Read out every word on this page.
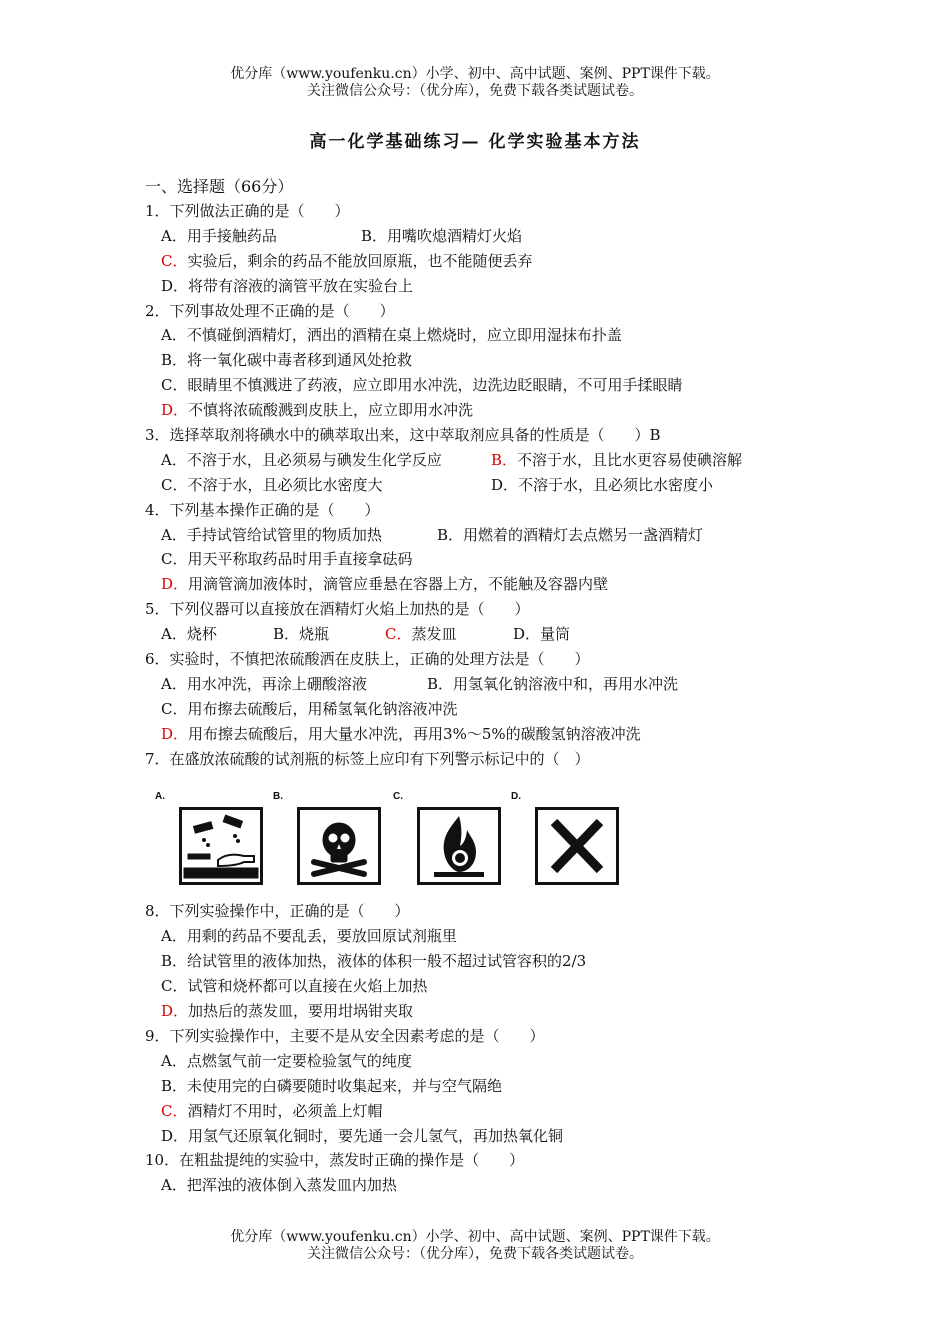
优分库（www.youfenku.cn）小学、初中、高中试题、案例、PPT课件下载。
关注微信公众号：（优分库），免费下载各类试题试卷。
高一化学基础练习— 化学实验基本方法
一、选择题（66分）
1．下列做法正确的是（　　）
A．用手接触药品	B．用嘴吹熄酒精灯火焰
C．实验后，剩余的药品不能放回原瓶，也不能随便丢弃
D．将带有溶液的滴管平放在实验台上
2．下列事故处理不正确的是（　　）
A．不慎碰倒酒精灯，洒出的酒精在桌上燃烧时，应立即用湿抹布扑盖
B．将一氧化碳中毒者移到通风处抢救
C．眼睛里不慎溅进了药液，应立即用水冲洗，边洗边眨眼睛，不可用手揉眼睛
D．不慎将浓硫酸溅到皮肤上，应立即用水冲洗
3．选择萃取剂将碘水中的碘萃取出来，这中萃取剂应具备的性质是（　　）B
A．不溶于水，且必须易与碘发生化学反应	B．不溶于水，且比水更容易使碘溶解
C．不溶于水，且必须比水密度大	D．不溶于水，且必须比水密度小
4．下列基本操作正确的是（　　）
A．手持试管给试管里的物质加热	B．用燃着的酒精灯去点燃另一盏酒精灯
C．用天平称取药品时用手直接拿砝码
D．用滴管滴加液体时，滴管应垂悬在容器上方，不能触及容器内壁
5．下列仪器可以直接放在酒精灯火焰上加热的是（　　）
A．烧杯	B．烧瓶	C．蒸发皿	D．量筒
6．实验时，不慎把浓硫酸洒在皮肤上，正确的处理方法是（　　）
A．用水冲洗，再涂上硼酸溶液	B．用氢氧化钠溶液中和，再用水冲洗
C．用布擦去硫酸后，用稀氢氧化钠溶液冲洗
D．用布擦去硫酸后，用大量水冲洗，再用3%～5%的碳酸氢钠溶液冲洗
7．在盛放浓硫酸的试剂瓶的标签上应印有下列警示标记中的（　）
A.	B.	C.	D.
8．下列实验操作中，正确的是（　　）
A．用剩的药品不要乱丢，要放回原试剂瓶里
B．给试管里的液体加热，液体的体积一般不超过试管容积的2/3
C．试管和烧杯都可以直接在火焰上加热
D．加热后的蒸发皿，要用坩埚钳夹取
9．下列实验操作中，主要不是从安全因素考虑的是（　　）
A．点燃氢气前一定要检验氢气的纯度
B．未使用完的白磷要随时收集起来，并与空气隔绝
C．酒精灯不用时，必须盖上灯帽
D．用氢气还原氧化铜时，要先通一会儿氢气，再加热氧化铜
10．在粗盐提纯的实验中，蒸发时正确的操作是（　　）
A．把浑浊的液体倒入蒸发皿内加热
优分库（www.youfenku.cn）小学、初中、高中试题、案例、PPT课件下载。
关注微信公众号：（优分库），免费下载各类试题试卷。
